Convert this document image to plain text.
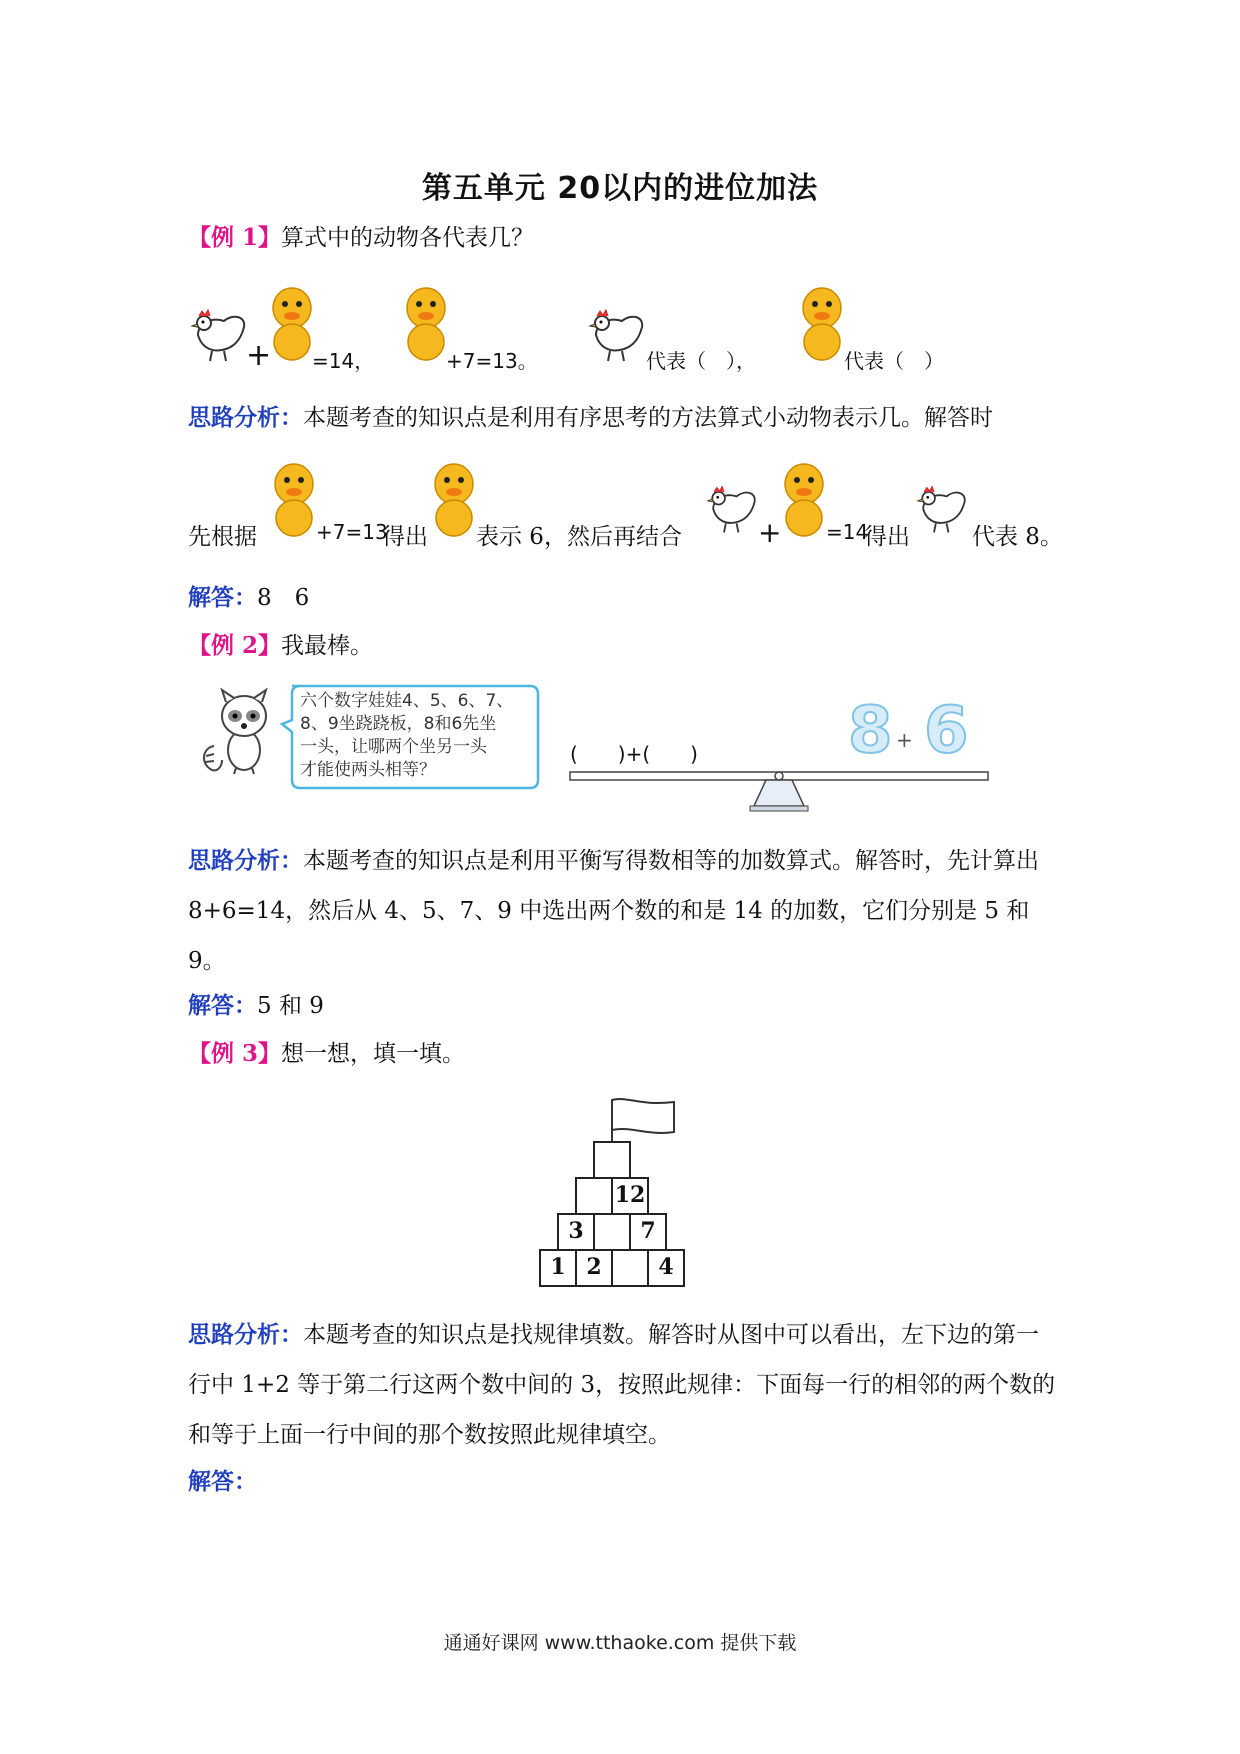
第五单元 20以内的进位加法
【例 1】算式中的动物各代表几？
+ =14，	+7=13。	代表（　），	代表（　）
思路分析：本题考查的知识点是利用有序思考的方法算式小动物表示几。解答时
先根据	+7=13
得出 表示 6，然后再结合	+ =14
得出	代表 8。
解答：8　6
【例 2】我最棒。
六个数字娃娃4、5、6、7、
8、9坐跷跷板，8和6先坐
一头，让哪两个坐另一头
才能使两头相等？
(　　)+(　　) 8 + 6
思路分析：本题考查的知识点是利用平衡写得数相等的加数算式。解答时，先计算出 8+6=14，然后从 4、5、7、9 中选出两个数的和是 14 的加数，它们分别是 5 和 9。
解答：5 和 9
【例 3】想一想，填一填。
12
3	7
1 2	4
思路分析：本题考查的知识点是找规律填数。解答时从图中可以看出，左下边的第一行中 1+2 等于第二行这两个数中间的 3，按照此规律：下面每一行的相邻的两个数的和等于上面一行中间的那个数按照此规律填空。
解答：
通通好课网 www.tthaoke.com 提供下载
